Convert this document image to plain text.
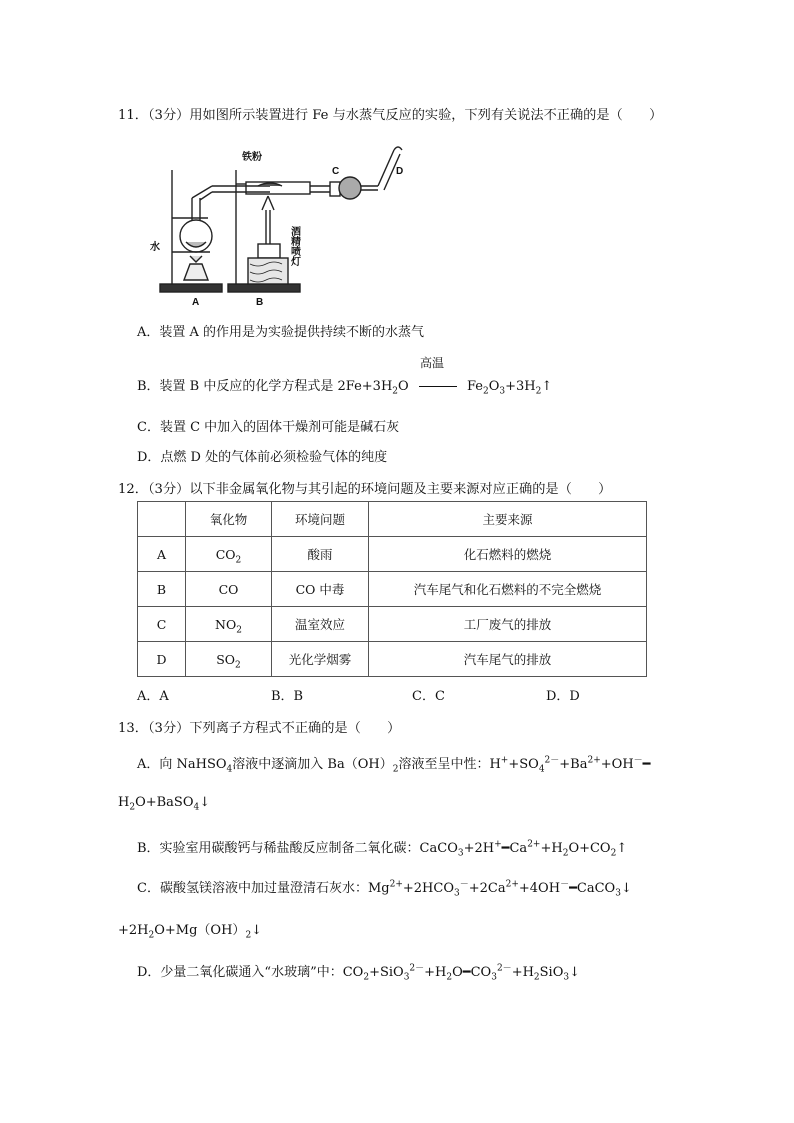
11．（3分）用如图所示装置进行 Fe 与水蒸气反应的实验，下列有关说法不正确的是（　　）
铁粉
水	酒精喷灯
A	B
C	D
A．装置 A 的作用是为实验提供持续不断的水蒸气
高温
B．装置 B 中反应的化学方程式是 $2Fe+3H_2O$	$Fe_2O_3+3H_2↑$
C．装置 C 中加入的固体干燥剂可能是碱石灰
D．点燃 D 处的气体前必须检验气体的纯度
12．（3分）以下非金属氧化物与其引起的环境问题及主要来源对应正确的是（　　）
	氧化物	环境问题	主要来源
A	$CO_2$	酸雨	化石燃料的燃烧
B	CO	CO 中毒	汽车尾气和化石燃料的不完全燃烧
C	$NO_2$	温室效应	工厂废气的排放
D	$SO_2$	光化学烟雾	汽车尾气的排放
A．A	B．B	C．C	D．D
13．（3分）下列离子方程式不正确的是（　　）
A．向 NaHSO$_4$溶液中逐滴加入 $Ba(OH)_2$溶液至呈中性：$H^++SO_4^{2-}+Ba^{2+}+OH^-━$
$H_2O+BaSO_4↓$
B．实验室用碳酸钙与稀盐酸反应制备二氧化碳：$CaCO_3+2H^+━Ca^{2+}+H_2O+CO_2↑$
C．碳酸氢镁溶液中加过量澄清石灰水：$Mg^{2+}+2HCO_3^-+2Ca^{2+}+4OH^-━CaCO_3↓$
$+2H_2O+Mg(OH)_2↓$
D．少量二氧化碳通入“水玻璃”中：$CO_2+SiO_3^{2-}+H_2O━CO_3^{2-}+H_2SiO_3↓$
